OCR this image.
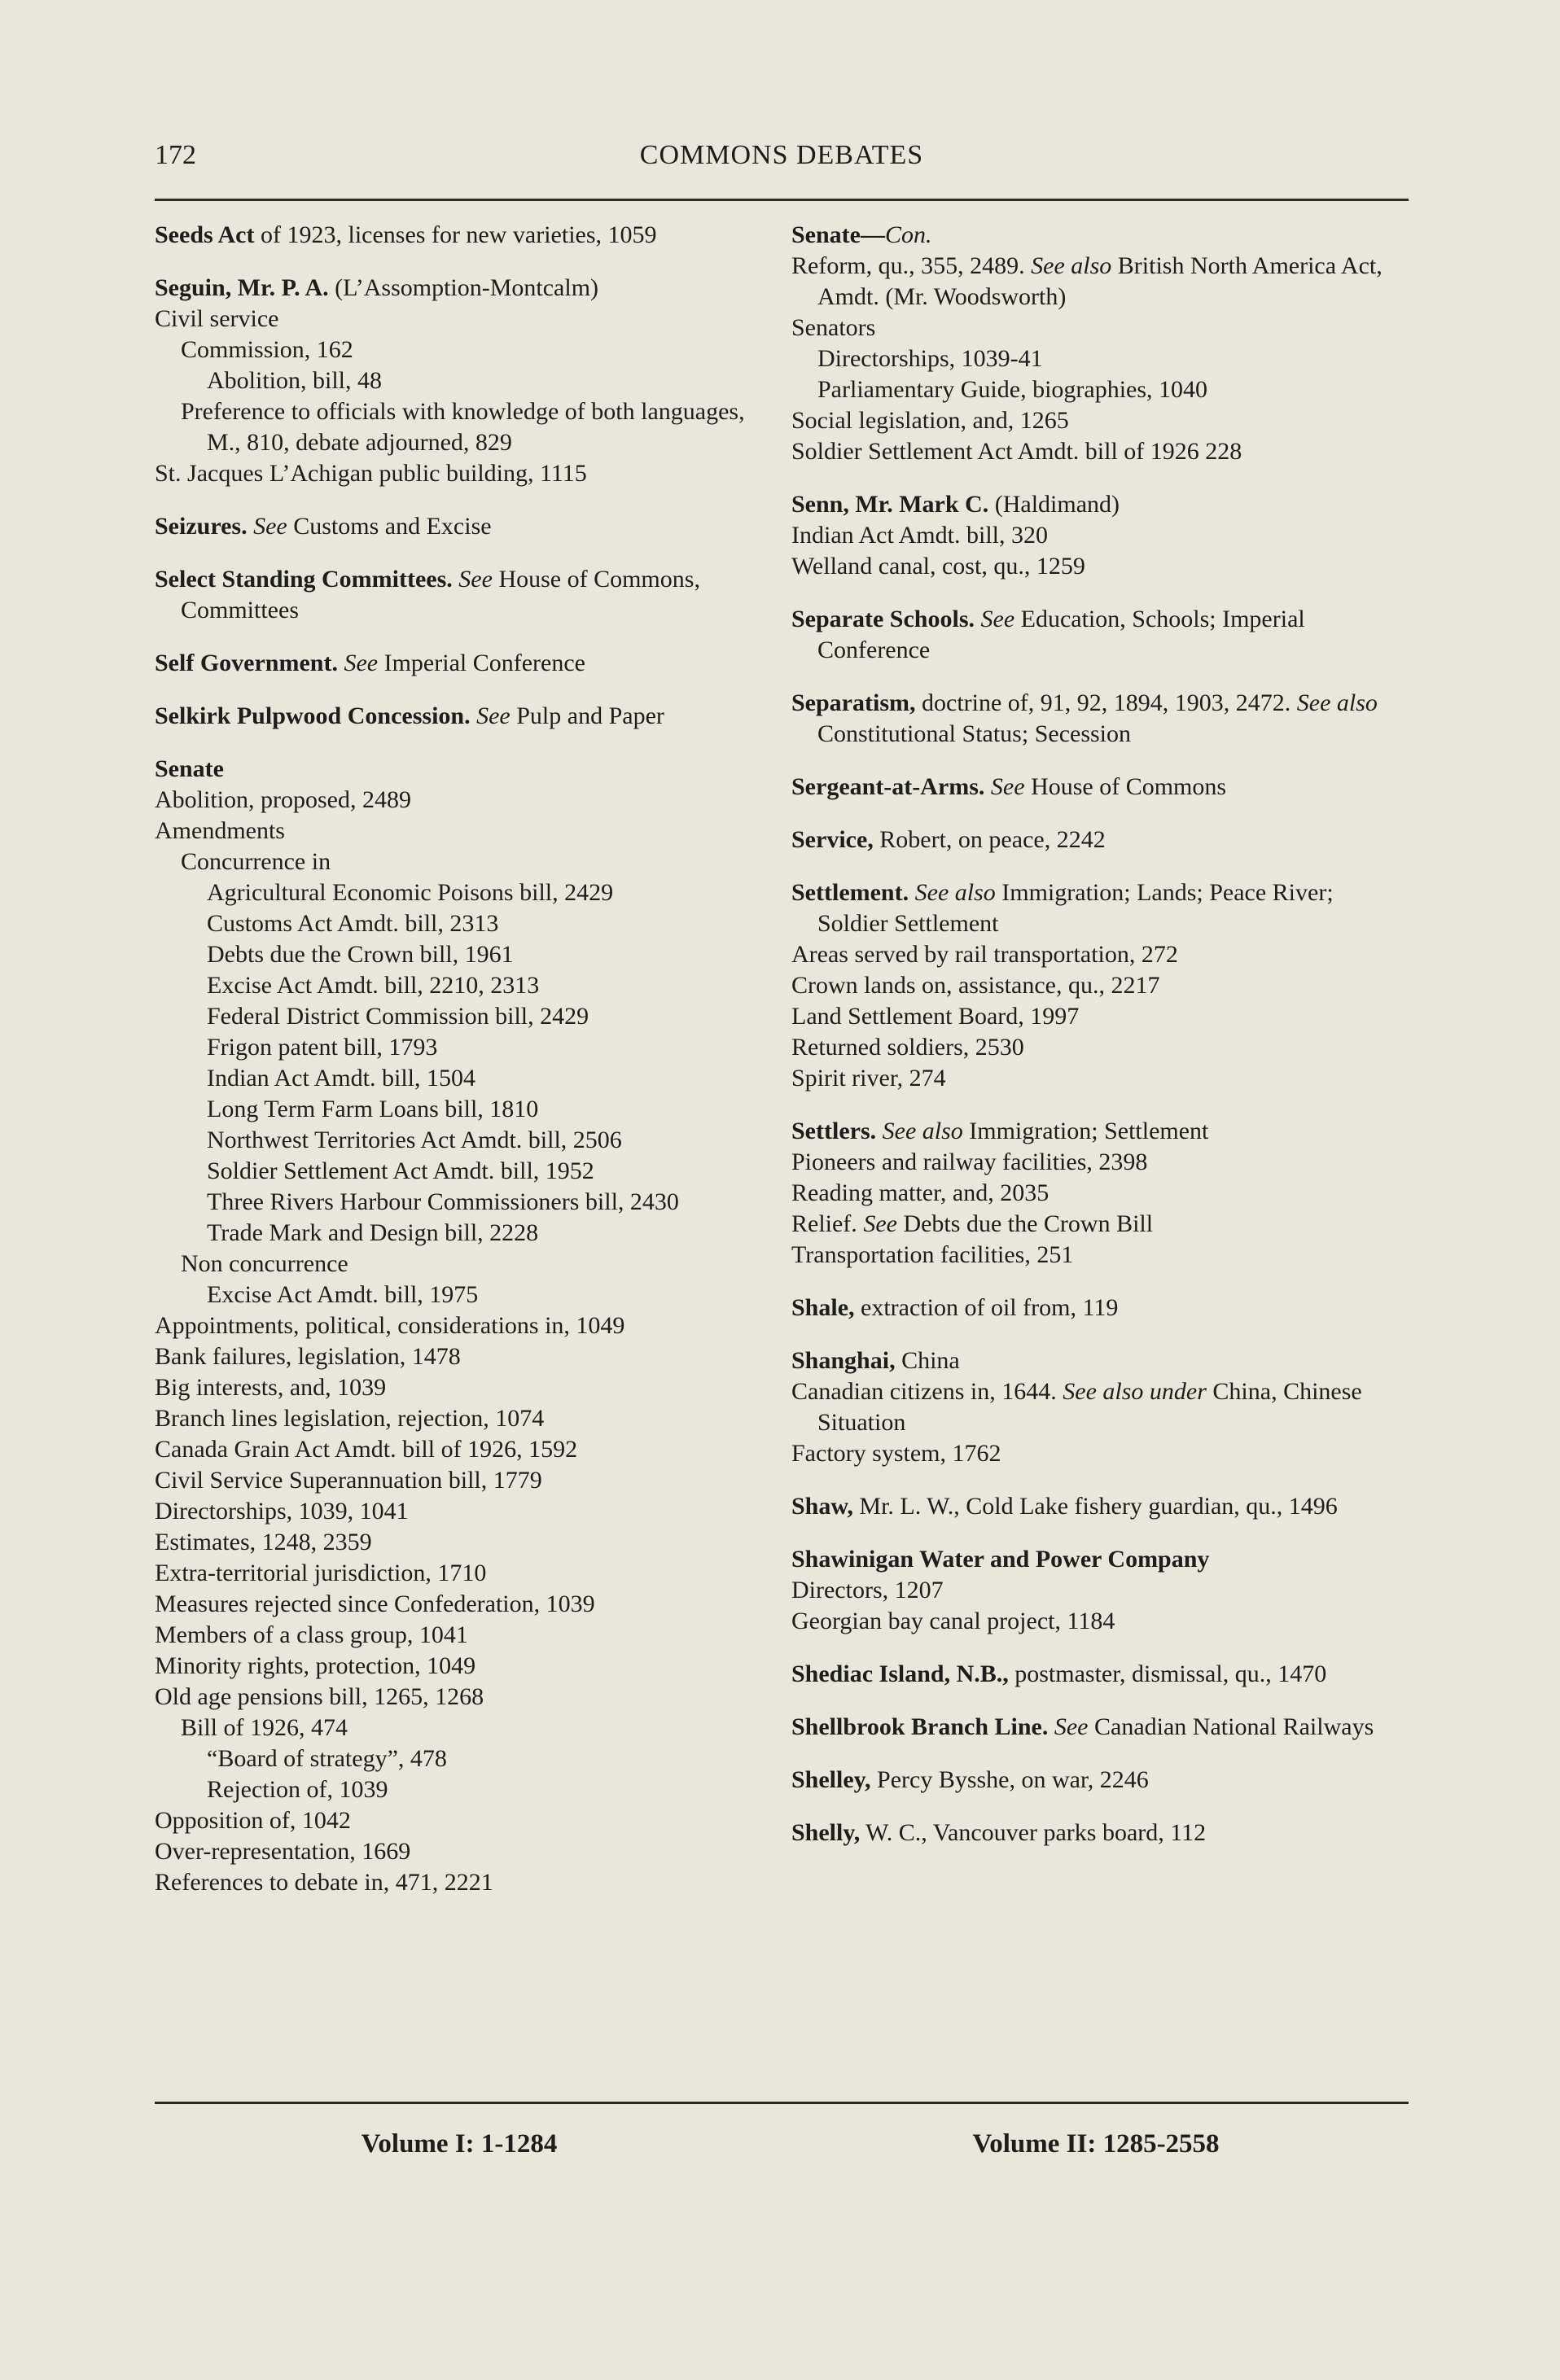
172	COMMONS DEBATES
Seeds Act of 1923, licenses for new varieties, 1059
Seguin, Mr. P. A. (L’Assomption-Montcalm)
Civil service
Commission, 162
Abolition, bill, 48
Preference to officials with knowledge of both languages, M., 810, debate adjourned, 829
St. Jacques L’Achigan public building, 1115
Seizures. See Customs and Excise
Select Standing Committees. See House of Commons, Committees
Self Government. See Imperial Conference
Selkirk Pulpwood Concession. See Pulp and Paper
Senate
Abolition, proposed, 2489
Amendments
Concurrence in
Agricultural Economic Poisons bill, 2429
Customs Act Amdt. bill, 2313
Debts due the Crown bill, 1961
Excise Act Amdt. bill, 2210, 2313
Federal District Commission bill, 2429
Frigon patent bill, 1793
Indian Act Amdt. bill, 1504
Long Term Farm Loans bill, 1810
Northwest Territories Act Amdt. bill, 2506
Soldier Settlement Act Amdt. bill, 1952
Three Rivers Harbour Commissioners bill, 2430
Trade Mark and Design bill, 2228
Non concurrence
Excise Act Amdt. bill, 1975
Appointments, political, considerations in, 1049
Bank failures, legislation, 1478
Big interests, and, 1039
Branch lines legislation, rejection, 1074
Canada Grain Act Amdt. bill of 1926, 1592
Civil Service Superannuation bill, 1779
Directorships, 1039, 1041
Estimates, 1248, 2359
Extra-territorial jurisdiction, 1710
Measures rejected since Confederation, 1039
Members of a class group, 1041
Minority rights, protection, 1049
Old age pensions bill, 1265, 1268
Bill of 1926, 474
“Board of strategy”, 478
Rejection of, 1039
Opposition of, 1042
Over-representation, 1669
References to debate in, 471, 2221
Senate—Con.
Reform, qu., 355, 2489. See also British North America Act, Amdt. (Mr. Woodsworth)
Senators
Directorships, 1039-41
Parliamentary Guide, biographies, 1040
Social legislation, and, 1265
Soldier Settlement Act Amdt. bill of 1926 228
Senn, Mr. Mark C. (Haldimand)
Indian Act Amdt. bill, 320
Welland canal, cost, qu., 1259
Separate Schools. See Education, Schools; Imperial Conference
Separatism, doctrine of, 91, 92, 1894, 1903, 2472. See also Constitutional Status; Secession
Sergeant-at-Arms. See House of Commons
Service, Robert, on peace, 2242
Settlement. See also Immigration; Lands; Peace River; Soldier Settlement
Areas served by rail transportation, 272
Crown lands on, assistance, qu., 2217
Land Settlement Board, 1997
Returned soldiers, 2530
Spirit river, 274
Settlers. See also Immigration; Settlement
Pioneers and railway facilities, 2398
Reading matter, and, 2035
Relief. See Debts due the Crown Bill
Transportation facilities, 251
Shale, extraction of oil from, 119
Shanghai, China
Canadian citizens in, 1644. See also under China, Chinese Situation
Factory system, 1762
Shaw, Mr. L. W., Cold Lake fishery guardian, qu., 1496
Shawinigan Water and Power Company
Directors, 1207
Georgian bay canal project, 1184
Shediac Island, N.B., postmaster, dismissal, qu., 1470
Shellbrook Branch Line. See Canadian National Railways
Shelley, Percy Bysshe, on war, 2246
Shelly, W. C., Vancouver parks board, 112
Volume I: 1-1284	Volume II: 1285-2558
